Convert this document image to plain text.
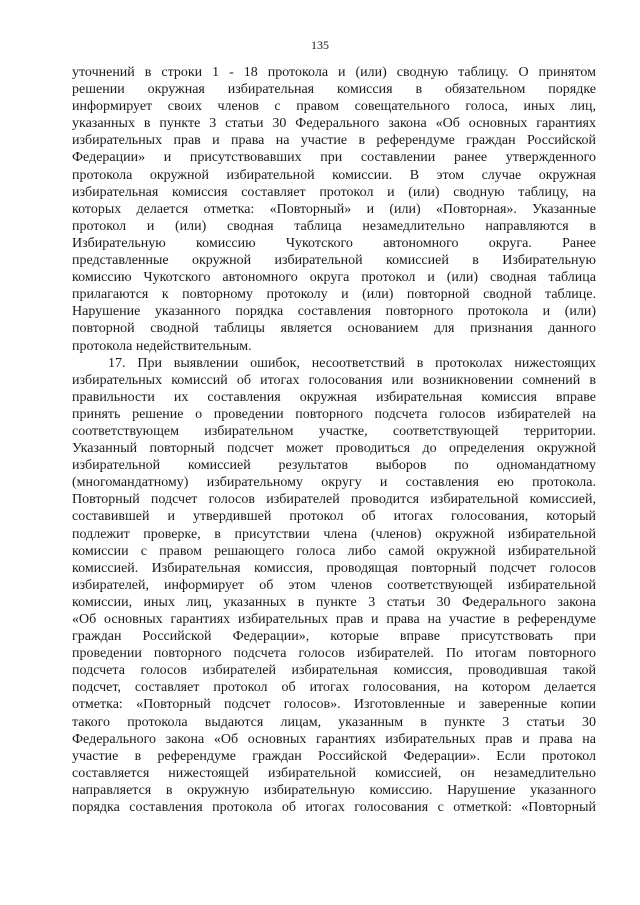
135
уточнений в строки 1 - 18 протокола и (или) сводную таблицу. О принятом
решении окружная избирательная комиссия в обязательном порядке
информирует своих членов с правом совещательного голоса, иных лиц,
указанных в пункте 3 статьи 30 Федерального закона «Об основных гарантиях
избирательных прав и права на участие в референдуме граждан Российской
Федерации» и присутствовавших при составлении ранее утвержденного
протокола окружной избирательной комиссии. В этом случае окружная
избирательная комиссия составляет протокол и (или) сводную таблицу, на
которых делается отметка: «Повторный» и (или) «Повторная». Указанные
протокол и (или) сводная таблица незамедлительно направляются в
Избирательную комиссию Чукотского автономного округа. Ранее
представленные окружной избирательной комиссией в Избирательную
комиссию Чукотского автономного округа протокол и (или) сводная таблица
прилагаются к повторному протоколу и (или) повторной сводной таблице.
Нарушение указанного порядка составления повторного протокола и (или)
повторной сводной таблицы является основанием для признания данного
протокола недействительным.
17. При выявлении ошибок, несоответствий в протоколах нижестоящих
избирательных комиссий об итогах голосования или возникновении сомнений в
правильности их составления окружная избирательная комиссия вправе
принять решение о проведении повторного подсчета голосов избирателей на
соответствующем избирательном участке, соответствующей территории.
Указанный повторный подсчет может проводиться до определения окружной
избирательной комиссией результатов выборов по одномандатному
(многомандатному) избирательному округу и составления ею протокола.
Повторный подсчет голосов избирателей проводится избирательной комиссией,
составившей и утвердившей протокол об итогах голосования, который
подлежит проверке, в присутствии члена (членов) окружной избирательной
комиссии с правом решающего голоса либо самой окружной избирательной
комиссией. Избирательная комиссия, проводящая повторный подсчет голосов
избирателей, информирует об этом членов соответствующей избирательной
комиссии, иных лиц, указанных в пункте 3 статьи 30 Федерального закона
«Об основных гарантиях избирательных прав и права на участие в референдуме
граждан Российской Федерации», которые вправе присутствовать при
проведении повторного подсчета голосов избирателей. По итогам повторного
подсчета голосов избирателей избирательная комиссия, проводившая такой
подсчет, составляет протокол об итогах голосования, на котором делается
отметка: «Повторный подсчет голосов». Изготовленные и заверенные копии
такого протокола выдаются лицам, указанным в пункте 3 статьи 30
Федерального закона «Об основных гарантиях избирательных прав и права на
участие в референдуме граждан Российской Федерации». Если протокол
составляется нижестоящей избирательной комиссией, он незамедлительно
направляется в окружную избирательную комиссию. Нарушение указанного
порядка составления протокола об итогах голосования с отметкой: «Повторный
